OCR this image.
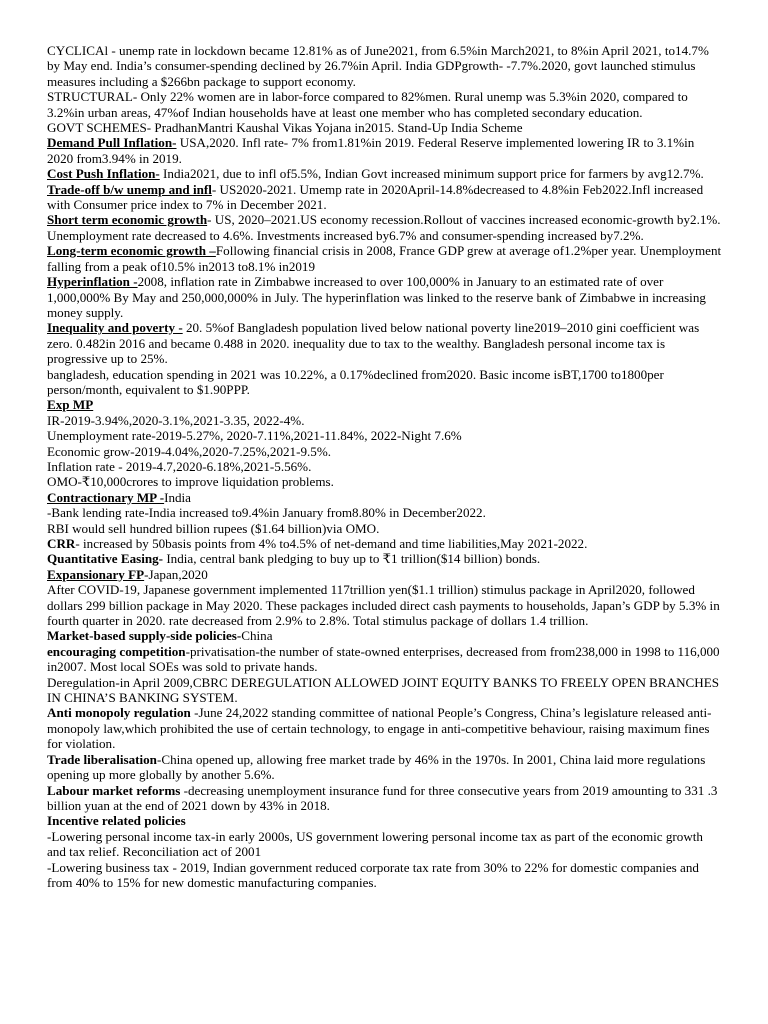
CYCLICAl - unemp rate in lockdown became 12.81% as of June2021, from 6.5%in March2021, to 8%in April 2021, to14.7% by May end. India’s consumer-spending declined by 26.7%in April. India GDPgrowth- -7.7%.2020, govt launched stimulus measures including a $266bn package to support economy.

STRUCTURAL- Only 22% women are in labor-force compared to 82%men. Rural unemp was 5.3%in 2020, compared to 3.2%in urban areas, 47%of Indian households have at least one member who has completed secondary education.

GOVT SCHEMES- PradhanMantri Kaushal Vikas Yojana in2015. Stand-Up India Scheme

Demand Pull Inflation- USA,2020. Infl rate- 7% from1.81%in 2019. Federal Reserve implemented lowering IR to 3.1%in 2020 from3.94% in 2019.

Cost Push Inflation- India2021, due to infl of5.5%, Indian Govt increased minimum support price for farmers by avg12.7%.

Trade-off b/w unemp and infl- US2020-2021. Umemp rate in 2020April-14.8%decreased to 4.8%in Feb2022.Infl increased with Consumer price index to 7% in December 2021.

Short term economic growth- US, 2020–2021.US economy recession.Rollout of vaccines increased economic-growth by2.1%. Unemployment rate decreased to 4.6%. Investments increased by6.7% and consumer-spending increased by7.2%.

Long-term economic growth –Following financial crisis in 2008, France GDP grew at average of1.2%per year. Unemployment falling from a peak of10.5% in2013 to8.1% in2019

Hyperinflation -2008, inflation rate in Zimbabwe increased to over 100,000% in January to an estimated rate of over 1,000,000% By May and 250,000,000% in July. The hyperinflation was linked to the reserve bank of Zimbabwe in increasing money supply.

Inequality and poverty - 20. 5%of Bangladesh population lived below national poverty line2019–2010 gini coefficient was zero. 0.482in 2016 and became 0.488 in 2020. inequality due to tax to the wealthy. Bangladesh personal income tax is progressive up to 25%.

bangladesh, education spending in 2021 was 10.22%, a 0.17%declined from2020. Basic income isBT,1700 to1800per person/month, equivalent to $1.90PPP.

Exp MP

IR-2019-3.94%,2020-3.1%,2021-3.35, 2022-4%.

Unemployment rate-2019-5.27%, 2020-7.11%,2021-11.84%, 2022-Night 7.6%

Economic grow-2019-4.04%,2020-7.25%,2021-9.5%.

Inflation rate - 2019-4.7,2020-6.18%,2021-5.56%.

OMO-₹10,000crores to improve liquidation problems.

Contractionary MP -India

-Bank lending rate-India increased to9.4%in January from8.80% in December2022.

RBI would sell hundred billion rupees ($1.64 billion)via OMO.

CRR- increased by 50basis points from 4% to4.5% of net-demand and time liabilities,May 2021-2022.

Quantitative Easing- India, central bank pledging to buy up to ₹1 trillion($14 billion) bonds.

Expansionary FP-Japan,2020

After COVID-19, Japanese government implemented 117trillion yen($1.1 trillion) stimulus package in April2020, followed dollars 299 billion package in May 2020. These packages included direct cash payments to households, Japan’s GDP by 5.3% in fourth quarter in 2020. rate decreased from 2.9% to 2.8%. Total stimulus package of dollars 1.4 trillion.

Market-based supply-side policies-China

encouraging competition-privatisation-the number of state-owned enterprises, decreased from from238,000 in 1998 to 116,000 in2007. Most local SOEs was sold to private hands.

Deregulation-in April 2009,CBRC DEREGULATION ALLOWED JOINT EQUITY BANKS TO FREELY OPEN BRANCHES IN CHINA’S BANKING SYSTEM.

Anti monopoly regulation -June 24,2022 standing committee of national People’s Congress, China’s legislature released anti-monopoly law,which prohibited the use of certain technology, to engage in anti-competitive behaviour, raising maximum fines for violation.

Trade liberalisation-China opened up, allowing free market trade by 46% in the 1970s. In 2001, China laid more regulations opening up more globally by another 5.6%.

Labour market reforms -decreasing unemployment insurance fund for three consecutive years from 2019 amounting to 331 .3 billion yuan at the end of 2021 down by 43% in 2018.

Incentive related policies

-Lowering personal income tax-in early 2000s, US government lowering personal income tax as part of the economic growth and tax relief. Reconciliation act of 2001

-Lowering business tax - 2019, Indian government reduced corporate tax rate from 30% to 22% for domestic companies and from 40% to 15% for new domestic manufacturing companies.
